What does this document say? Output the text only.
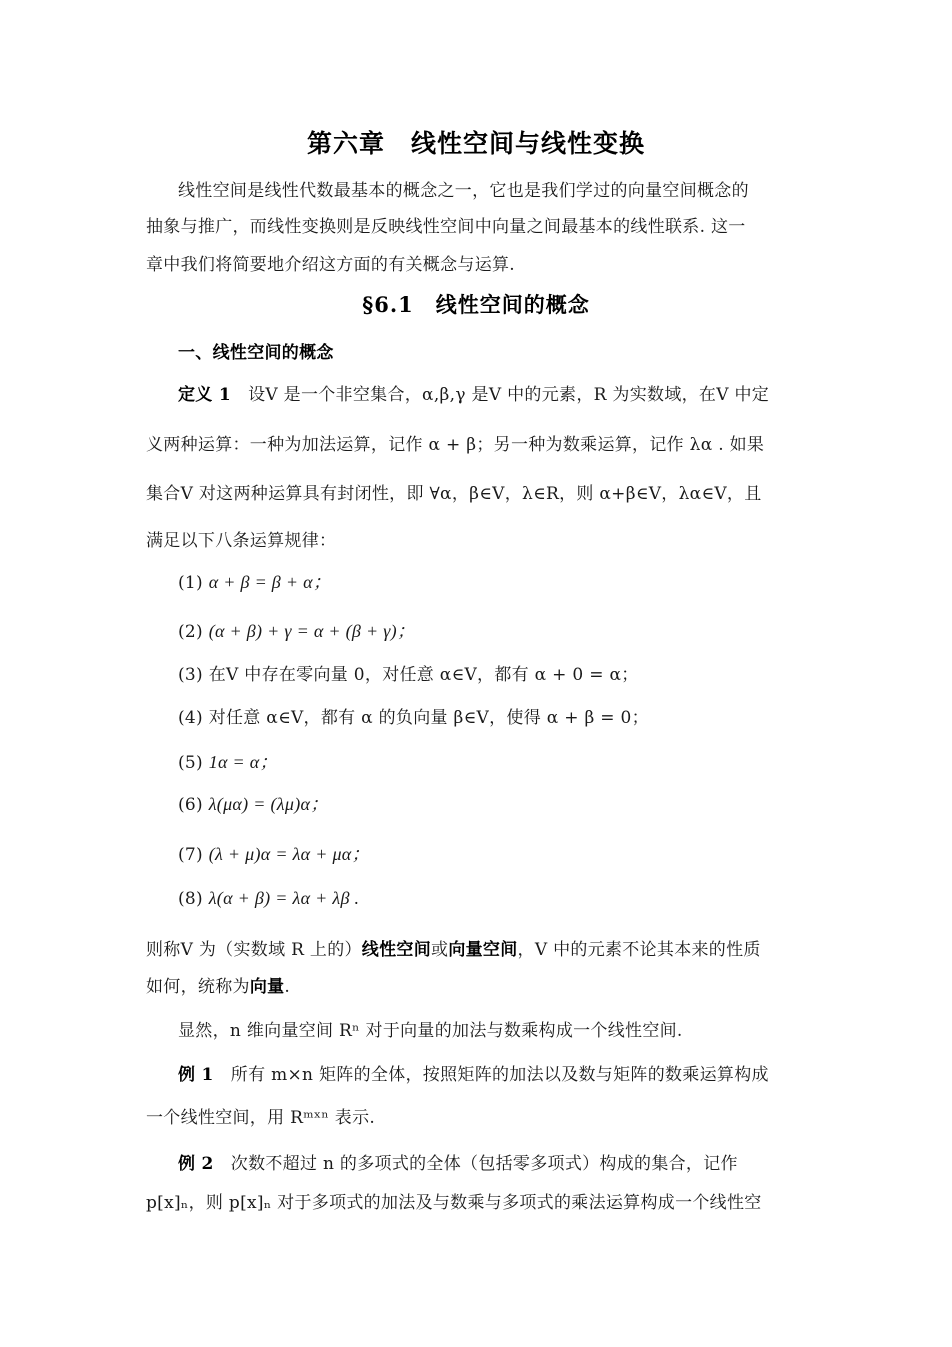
第六章　线性空间与线性变换
线性空间是线性代数最基本的概念之一，它也是我们学过的向量空间概念的
抽象与推广，而线性变换则是反映线性空间中向量之间最基本的线性联系. 这一
章中我们将简要地介绍这方面的有关概念与运算.
§6.1　线性空间的概念
一、线性空间的概念
定义 1 设V 是一个非空集合，α,β,γ 是V 中的元素，R 为实数域，在V 中定
义两种运算：一种为加法运算，记作 α + β；另一种为数乘运算，记作 λα . 如果
集合V 对这两种运算具有封闭性，即 ∀α，β∈V，λ∈R，则 α+β∈V，λα∈V，且
满足以下八条运算规律：
(1) α + β = β + α；
(2) (α + β) + γ = α + (β + γ)；
(3) 在V 中存在零向量 0，对任意 α∈V，都有 α + 0 = α；
(4) 对任意 α∈V，都有 α 的负向量 β∈V，使得 α + β = 0；
(5) 1α = α；
(6) λ(μα) = (λμ)α；
(7) (λ + μ)α = λα + μα；
(8) λ(α + β) = λα + λβ .
则称V 为（实数域 R 上的）线性空间或向量空间，V 中的元素不论其本来的性质
如何，统称为向量.
显然，n 维向量空间 Rⁿ 对于向量的加法与数乘构成一个线性空间.
例 1 所有 m×n 矩阵的全体，按照矩阵的加法以及数与矩阵的数乘运算构成
一个线性空间，用 Rᵐˣⁿ 表示.
例 2 次数不超过 n 的多项式的全体（包括零多项式）构成的集合，记作
p[x]ₙ，则 p[x]ₙ 对于多项式的加法及与数乘与多项式的乘法运算构成一个线性空
